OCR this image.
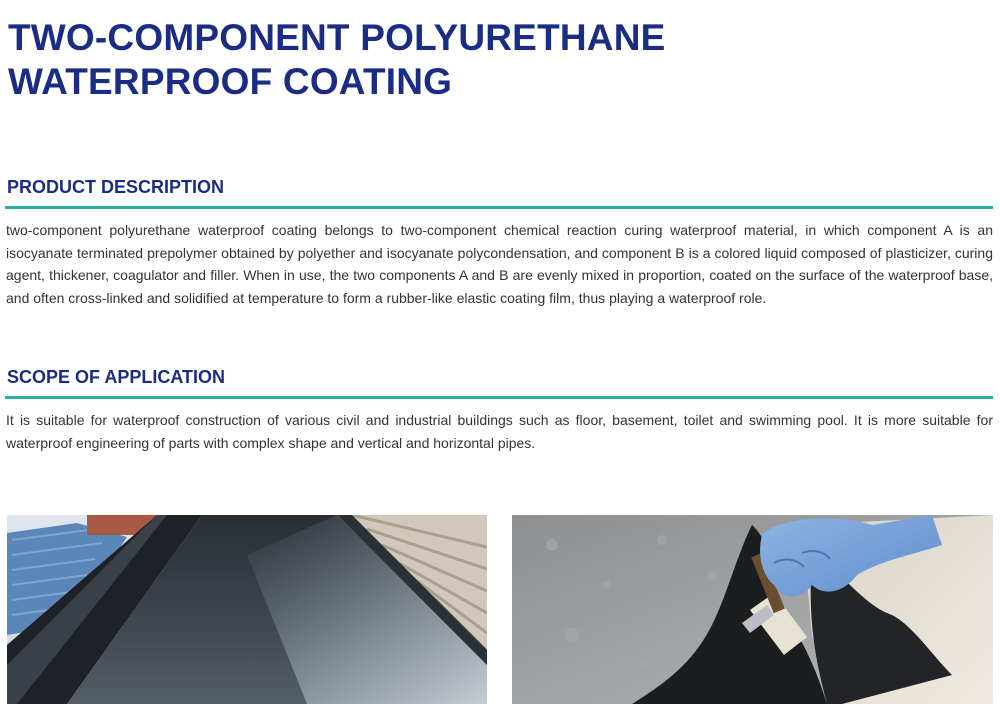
TWO-COMPONENT POLYURETHANE
WATERPROOF COATING
PRODUCT DESCRIPTION

two-component polyurethane waterproof coating belongs to two-component chemical reaction curing waterproof material, in which component A is an isocyanate terminated prepolymer obtained by polyether and isocyanate polycondensation, and component B is a colored liquid composed of plasticizer, curing agent, thickener, coagulator and filler. When in use, the two components A and B are evenly mixed in proportion, coated on the surface of the waterproof base, and often cross-linked and solidified at temperature to form a rubber-like elastic coating film, thus playing a waterproof role.

SCOPE OF APPLICATION

It is suitable for waterproof construction of various civil and industrial buildings such as floor, basement, toilet and swimming pool. It is more suitable for waterproof engineering of parts with complex shape and vertical and horizontal pipes.
